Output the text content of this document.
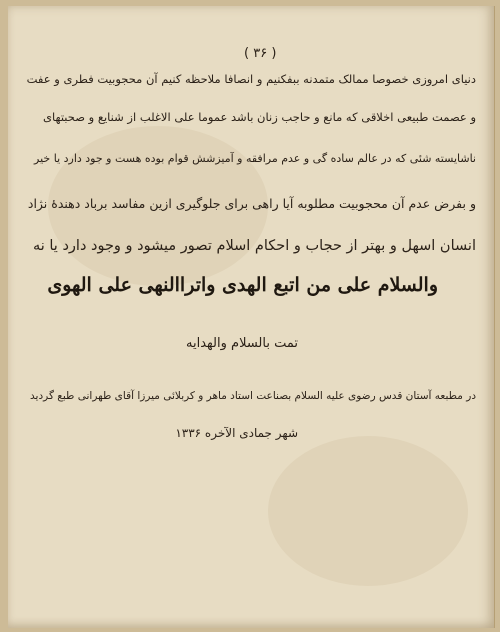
( ٣۶ )
دنیای امروزی خصوصا ممالک متمدنه ببفکنیم و انصافا ملاحظه کنیم آن محجوبیت فطری و عفت
و عصمت طبیعی اخلاقی که مانع و حاجب زنان باشد عموما علی الاغلب از شنایع و صحبتهای
ناشایسته شئی که در عالم ساده گی و عدم مرافقه و آمیزشش قوام بوده هست و جود دارد یا خیر
و بفرض عدم آن محجوبیت مطلوبه آیا راهی برای جلوگیری ازین مفاسد برباد دهندهٔ نژاد
انسان اسهل و بهتر از حجاب و احکام اسلام تصور میشود و وجود دارد یا نه
والسلام علی من اتبع الهدی واتراالنهی علی الهوی
تمت بالسلام والهدایه
در مطبعه آستان قدس رضوی علیه السلام بصناعت استاد ماهر و کربلائی میرزا آقای طهرانی طبع گردید
شهر جمادی الآخره ۱۳۳۶
